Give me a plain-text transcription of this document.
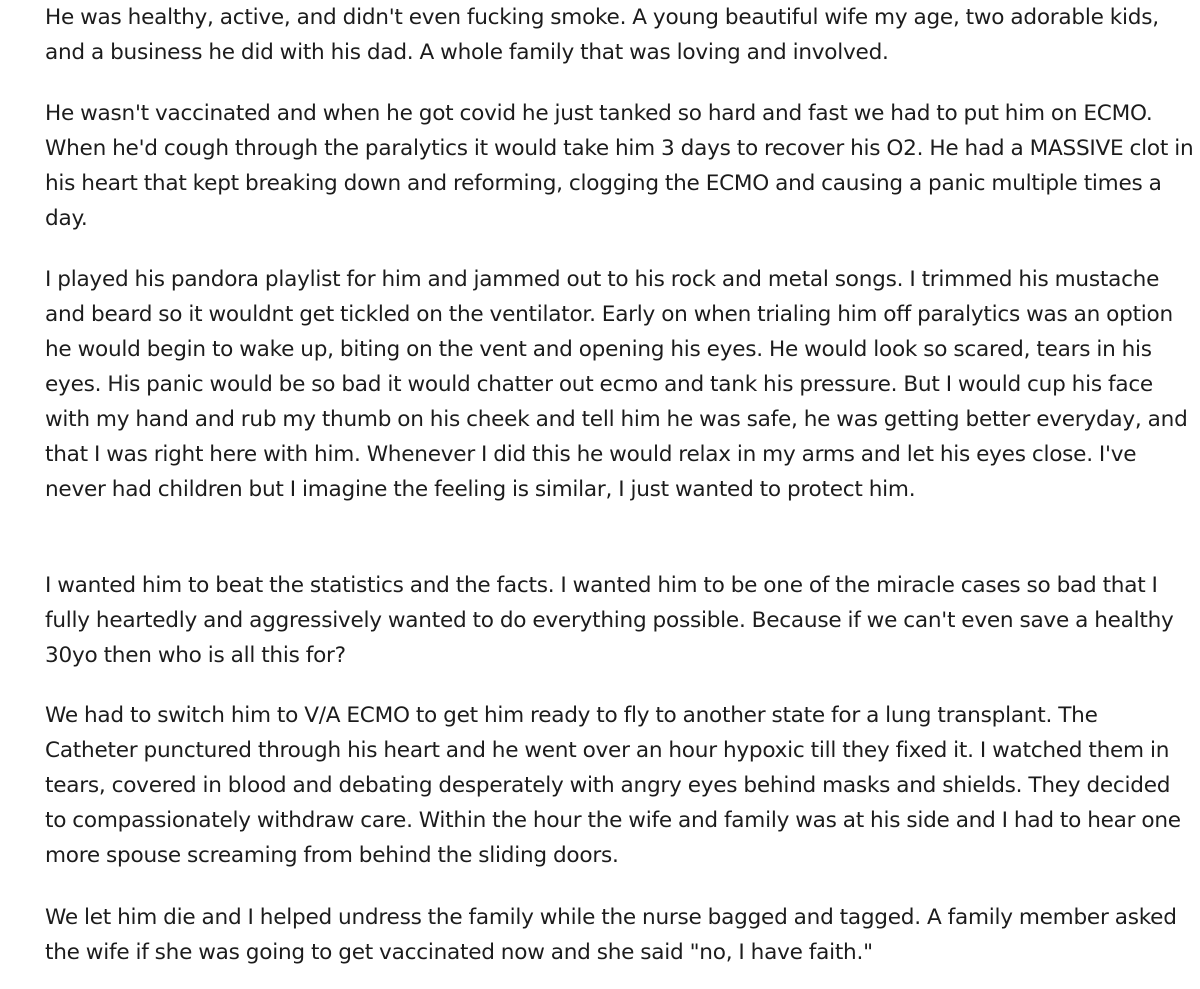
He was healthy, active, and didn't even fucking smoke. A young beautiful wife my age, two adorable kids, and a business he did with his dad. A whole family that was loving and involved.

He wasn't vaccinated and when he got covid he just tanked so hard and fast we had to put him on ECMO. When he'd cough through the paralytics it would take him 3 days to recover his O2. He had a MASSIVE clot in his heart that kept breaking down and reforming, clogging the ECMO and causing a panic multiple times a day.

I played his pandora playlist for him and jammed out to his rock and metal songs. I trimmed his mustache and beard so it wouldnt get tickled on the ventilator. Early on when trialing him off paralytics was an option he would begin to wake up, biting on the vent and opening his eyes. He would look so scared, tears in his eyes. His panic would be so bad it would chatter out ecmo and tank his pressure. But I would cup his face with my hand and rub my thumb on his cheek and tell him he was safe, he was getting better everyday, and that I was right here with him. Whenever I did this he would relax in my arms and let his eyes close. I've never had children but I imagine the feeling is similar, I just wanted to protect him.

I wanted him to beat the statistics and the facts. I wanted him to be one of the miracle cases so bad that I fully heartedly and aggressively wanted to do everything possible. Because if we can't even save a healthy 30yo then who is all this for?

We had to switch him to V/A ECMO to get him ready to fly to another state for a lung transplant. The Catheter punctured through his heart and he went over an hour hypoxic till they fixed it. I watched them in tears, covered in blood and debating desperately with angry eyes behind masks and shields. They decided to compassionately withdraw care. Within the hour the wife and family was at his side and I had to hear one more spouse screaming from behind the sliding doors.

We let him die and I helped undress the family while the nurse bagged and tagged. A family member asked the wife if she was going to get vaccinated now and she said "no, I have faith."
